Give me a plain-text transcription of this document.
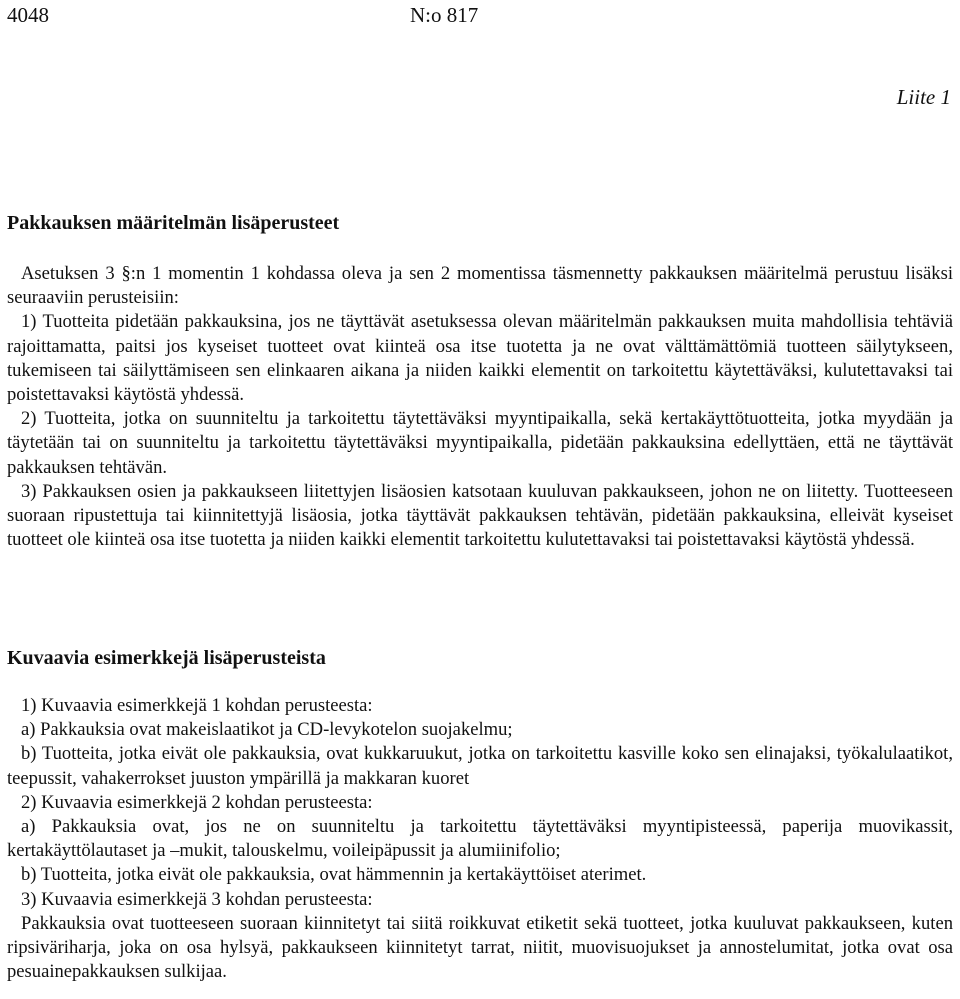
4048	N:o 817
Liite 1
Pakkauksen määritelmän lisäperusteet

Asetuksen 3 §:n 1 momentin 1 kohdassa oleva ja sen 2 momentissa täsmennetty pakkauksen määritelmä perustuu lisäksi seuraaviin perusteisiin:

1) Tuotteita pidetään pakkauksina, jos ne täyttävät asetuksessa olevan määritelmän pakkauksen muita mahdollisia tehtäviä rajoittamatta, paitsi jos kyseiset tuotteet ovat kiinteä osa itse tuotetta ja ne ovat välttämättömiä tuotteen säilytykseen, tukemiseen tai säilyttämiseen sen elinkaaren aikana ja niiden kaikki elementit on tarkoitettu käytettäväksi, kulutettavaksi tai poistettavaksi käytöstä yhdessä.

2) Tuotteita, jotka on suunniteltu ja tarkoitettu täytettäväksi myyntipaikalla, sekä kertakäyttötuotteita, jotka myydään ja täytetään tai on suunniteltu ja tarkoitettu täytettäväksi myyntipaikalla, pidetään pakkauksina edellyttäen, että ne täyttävät pakkauksen tehtävän.

3) Pakkauksen osien ja pakkaukseen liitettyjen lisäosien katsotaan kuuluvan pakkaukseen, johon ne on liitetty. Tuotteeseen suoraan ripustettuja tai kiinnitettyjä lisäosia, jotka täyttävät pakkauksen tehtävän, pidetään pakkauksina, elleivät kyseiset tuotteet ole kiinteä osa itse tuotetta ja niiden kaikki elementit tarkoitettu kulutettavaksi tai poistettavaksi käytöstä yhdessä.

Kuvaavia esimerkkejä lisäperusteista

1) Kuvaavia esimerkkejä 1 kohdan perusteesta:

a) Pakkauksia ovat makeislaatikot ja CD-levykotelon suojakelmu;

b) Tuotteita, jotka eivät ole pakkauksia, ovat kukkaruukut, jotka on tarkoitettu kasville koko sen elinajaksi, työkalulaatikot, teepussit, vahakerrokset juuston ympärillä ja makkaran kuoret

2) Kuvaavia esimerkkejä 2 kohdan perusteesta:

a) Pakkauksia ovat, jos ne on suunniteltu ja tarkoitettu täytettäväksi myyntipisteessä, paperija muovikassit, kertakäyttölautaset ja –mukit, talouskelmu, voileipäpussit ja alumiinifolio;

b) Tuotteita, jotka eivät ole pakkauksia, ovat hämmennin ja kertakäyttöiset aterimet.

3) Kuvaavia esimerkkejä 3 kohdan perusteesta:

Pakkauksia ovat tuotteeseen suoraan kiinnitetyt tai siitä roikkuvat etiketit sekä tuotteet, jotka kuuluvat pakkaukseen, kuten ripsiväriharja, joka on osa hylsyä, pakkaukseen kiinnitetyt tarrat, niitit, muovisuojukset ja annostelumitat, jotka ovat osa pesuainepakkauksen sulkijaa.
